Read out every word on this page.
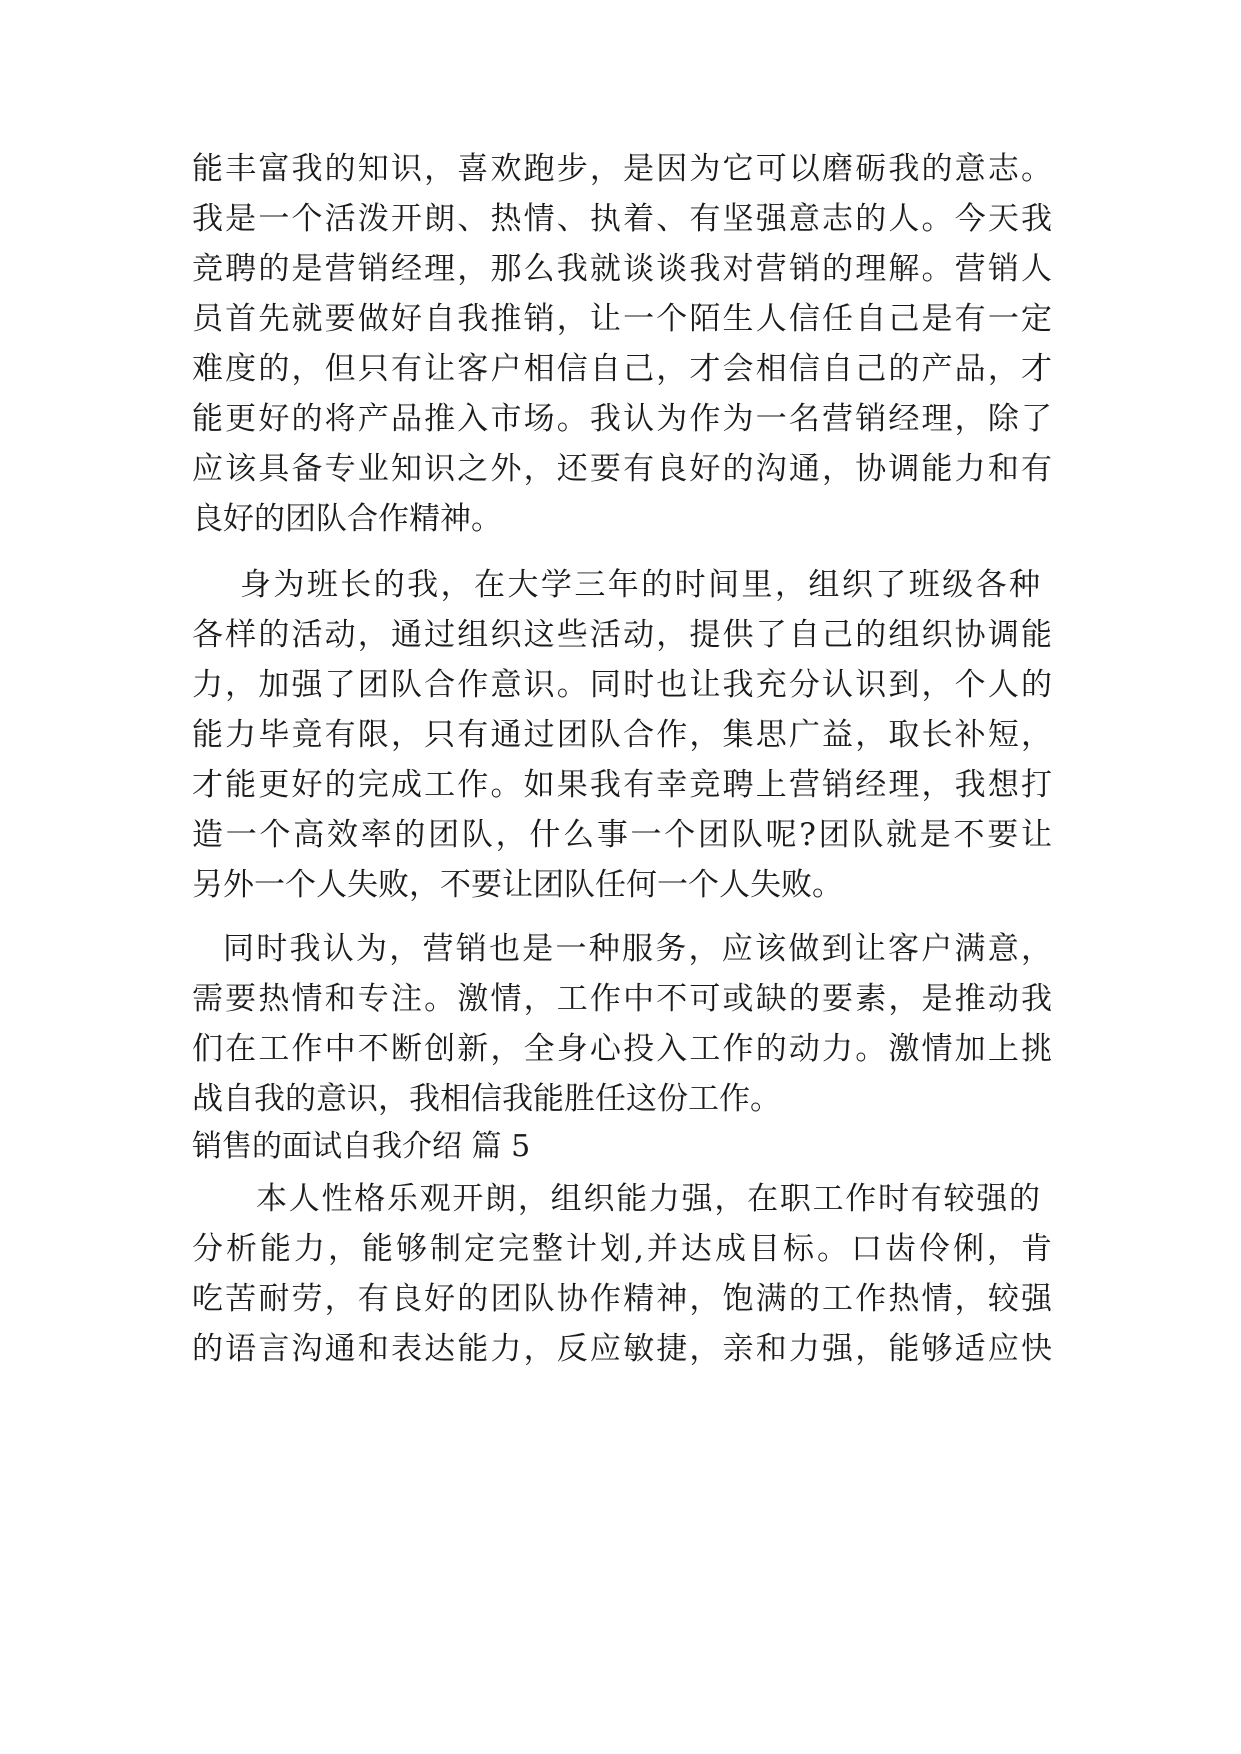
能丰富我的知识，喜欢跑步，是因为它可以磨砺我的意志。
我是一个活泼开朗、热情、执着、有坚强意志的人。今天我
竞聘的是营销经理，那么我就谈谈我对营销的理解。营销人
员首先就要做好自我推销，让一个陌生人信任自己是有一定
难度的，但只有让客户相信自己，才会相信自己的产品，才
能更好的将产品推入市场。我认为作为一名营销经理，除了
应该具备专业知识之外，还要有良好的沟通，协调能力和有
良好的团队合作精神。
身为班长的我，在大学三年的时间里，组织了班级各种
各样的活动，通过组织这些活动，提供了自己的组织协调能
力，加强了团队合作意识。同时也让我充分认识到，个人的
能力毕竟有限，只有通过团队合作，集思广益，取长补短，
才能更好的完成工作。如果我有幸竞聘上营销经理，我想打
造一个高效率的团队，什么事一个团队呢?团队就是不要让
另外一个人失败，不要让团队任何一个人失败。
同时我认为，营销也是一种服务，应该做到让客户满意，
需要热情和专注。激情，工作中不可或缺的要素，是推动我
们在工作中不断创新，全身心投入工作的动力。激情加上挑
战自我的意识，我相信我能胜任这份工作。
销售的面试自我介绍 篇 5
本人性格乐观开朗，组织能力强，在职工作时有较强的
分析能力，能够制定完整计划,并达成目标。口齿伶俐，肯
吃苦耐劳，有良好的团队协作精神，饱满的工作热情，较强
的语言沟通和表达能力，反应敏捷，亲和力强，能够适应快
